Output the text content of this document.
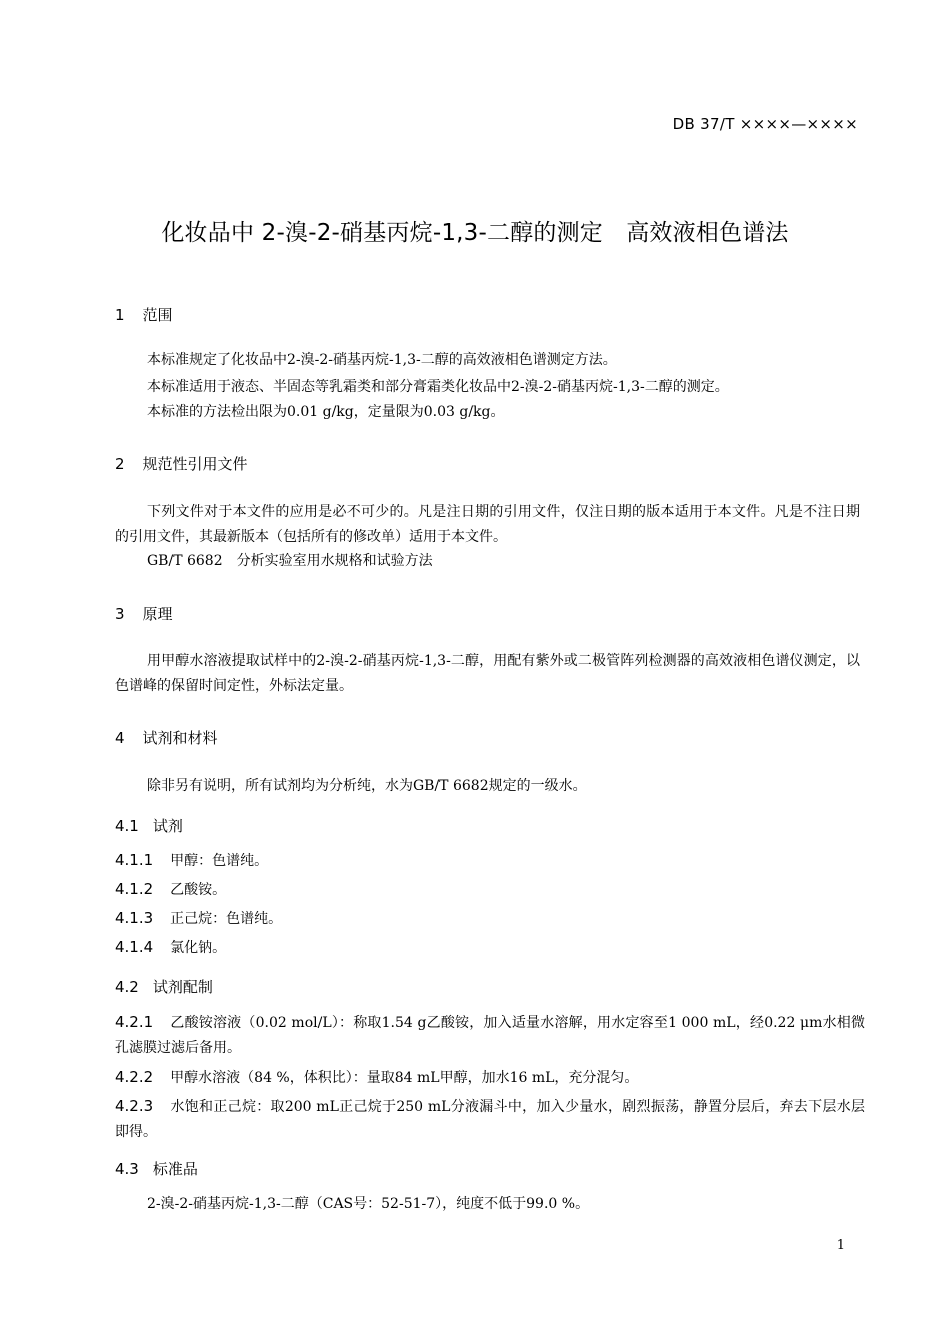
DB 37/T ××××—××××
化妆品中 2-溴-2-硝基丙烷-1,3-二醇的测定　高效液相色谱法
1 范围
本标准规定了化妆品中2-溴-2-硝基丙烷-1,3-二醇的高效液相色谱测定方法。
本标准适用于液态、半固态等乳霜类和部分膏霜类化妆品中2-溴-2-硝基丙烷-1,3-二醇的测定。
本标准的方法检出限为0.01 g/kg，定量限为0.03 g/kg。
2 规范性引用文件
下列文件对于本文件的应用是必不可少的。凡是注日期的引用文件，仅注日期的版本适用于本文件。凡是不注日期的引用文件，其最新版本（包括所有的修改单）适用于本文件。
GB/T 6682　分析实验室用水规格和试验方法
3 原理
用甲醇水溶液提取试样中的2-溴-2-硝基丙烷-1,3-二醇，用配有紫外或二极管阵列检测器的高效液相色谱仪测定，以色谱峰的保留时间定性，外标法定量。
4 试剂和材料
除非另有说明，所有试剂均为分析纯，水为GB/T 6682规定的一级水。
4.1 试剂
4.1.1 甲醇：色谱纯。
4.1.2 乙酸铵。
4.1.3 正己烷：色谱纯。
4.1.4 氯化钠。
4.2 试剂配制
4.2.1 乙酸铵溶液（0.02 mol/L）：称取1.54 g乙酸铵，加入适量水溶解，用水定容至1 000 mL，经0.22 μm水相微孔滤膜过滤后备用。
4.2.2 甲醇水溶液（84 %，体积比）：量取84 mL甲醇，加水16 mL，充分混匀。
4.2.3 水饱和正己烷：取200 mL正己烷于250 mL分液漏斗中，加入少量水，剧烈振荡，静置分层后，弃去下层水层即得。
4.3 标准品
2-溴-2-硝基丙烷-1,3-二醇（CAS号：52-51-7），纯度不低于99.0 %。
1
